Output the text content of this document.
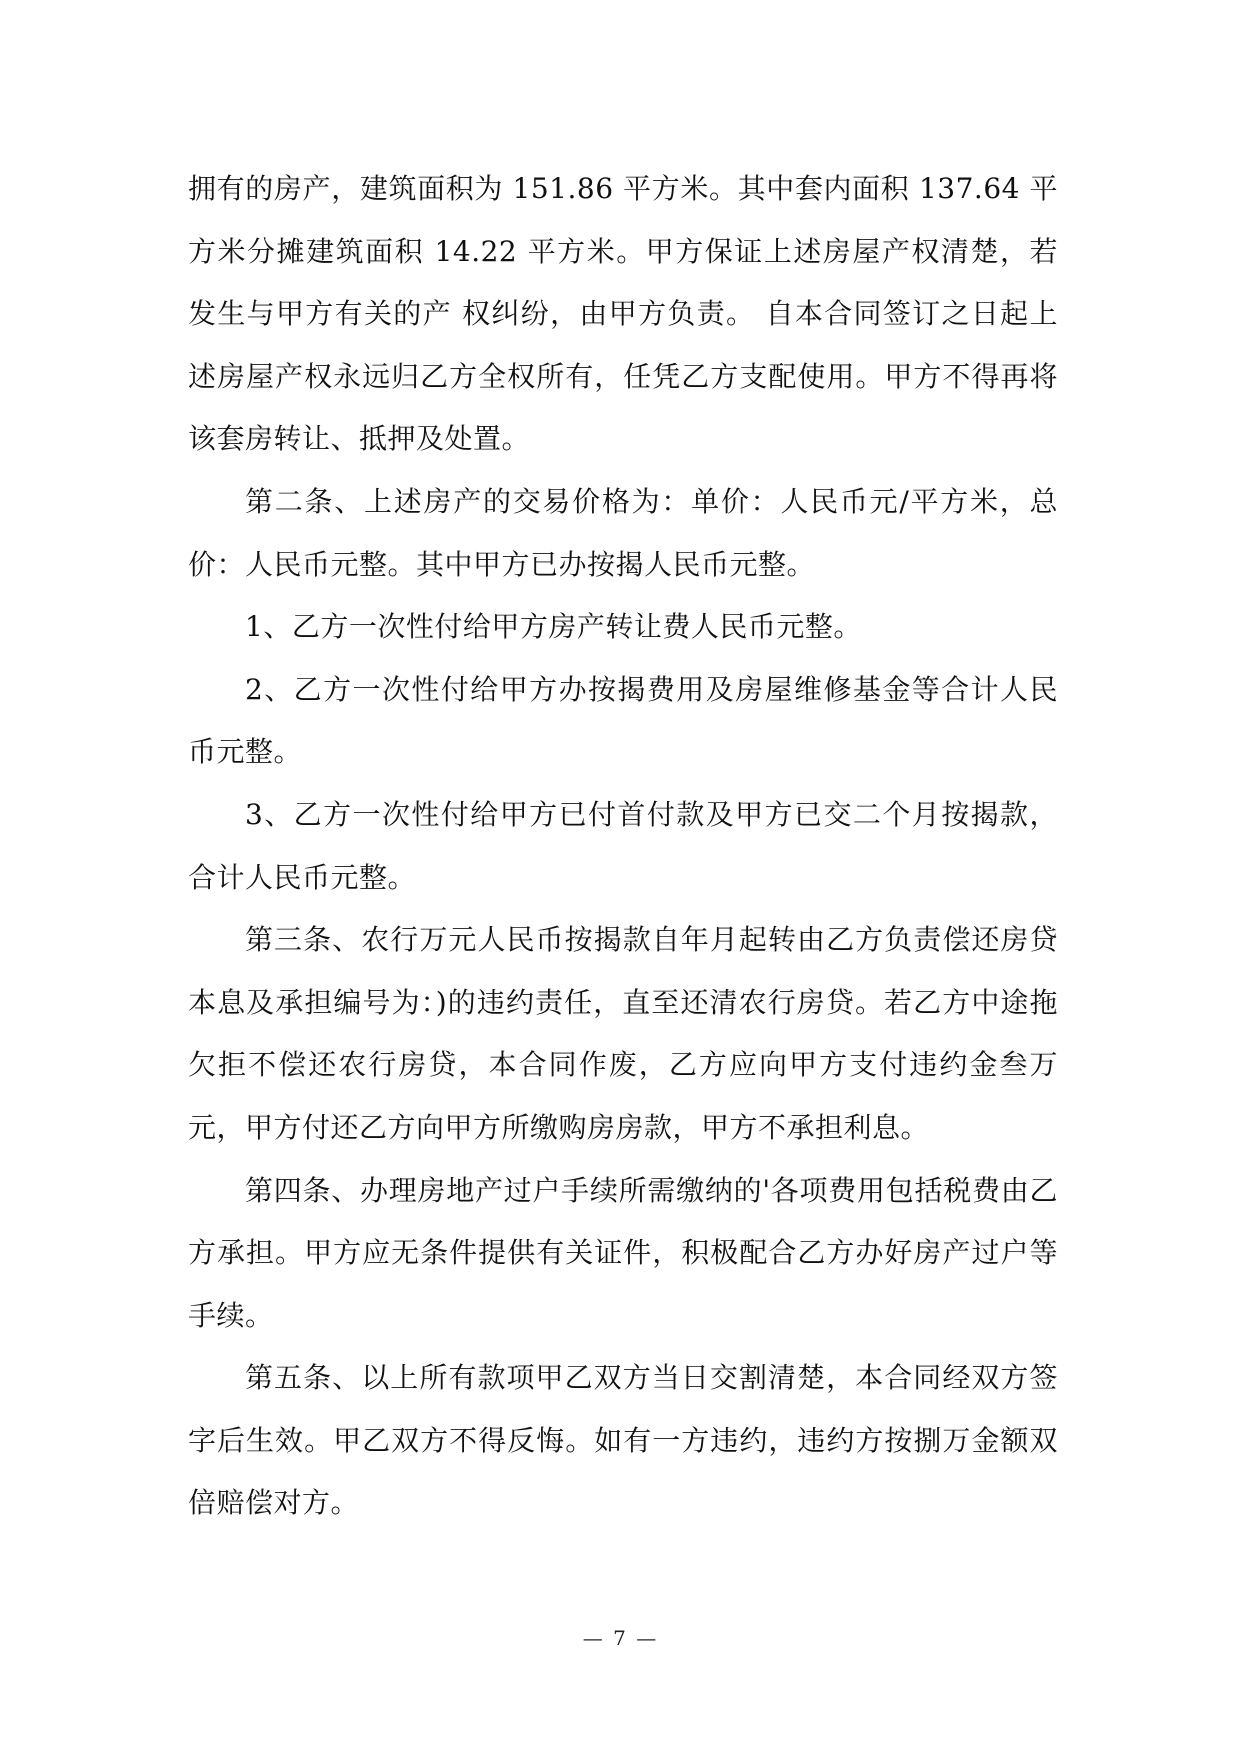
拥有的房产，建筑面积为 151.86 平方米。其中套内面积 137.64 平方米分摊建筑面积 14.22 平方米。甲方保证上述房屋产权清楚，若发生与甲方有关的产 权纠纷，由甲方负责。 自本合同签订之日起上述房屋产权永远归乙方全权所有，任凭乙方支配使用。甲方不得再将该套房转让、抵押及处置。

第二条、上述房产的交易价格为：单价：人民币元/平方米，总价：人民币元整。其中甲方已办按揭人民币元整。

1、乙方一次性付给甲方房产转让费人民币元整。

2、乙方一次性付给甲方办按揭费用及房屋维修基金等合计人民币元整。

3、乙方一次性付给甲方已付首付款及甲方已交二个月按揭款，合计人民币元整。

第三条、农行万元人民币按揭款自年月起转由乙方负责偿还房贷本息及承担编号为：)的违约责任，直至还清农行房贷。若乙方中途拖欠拒不偿还农行房贷，本合同作废，乙方应向甲方支付违约金叁万元，甲方付还乙方向甲方所缴购房房款，甲方不承担利息。

第四条、办理房地产过户手续所需缴纳的'各项费用包括税费由乙方承担。甲方应无条件提供有关证件，积极配合乙方办好房产过户等手续。

第五条、以上所有款项甲乙双方当日交割清楚，本合同经双方签字后生效。甲乙双方不得反悔。如有一方违约，违约方按捌万金额双倍赔偿对方。

— 7 —
